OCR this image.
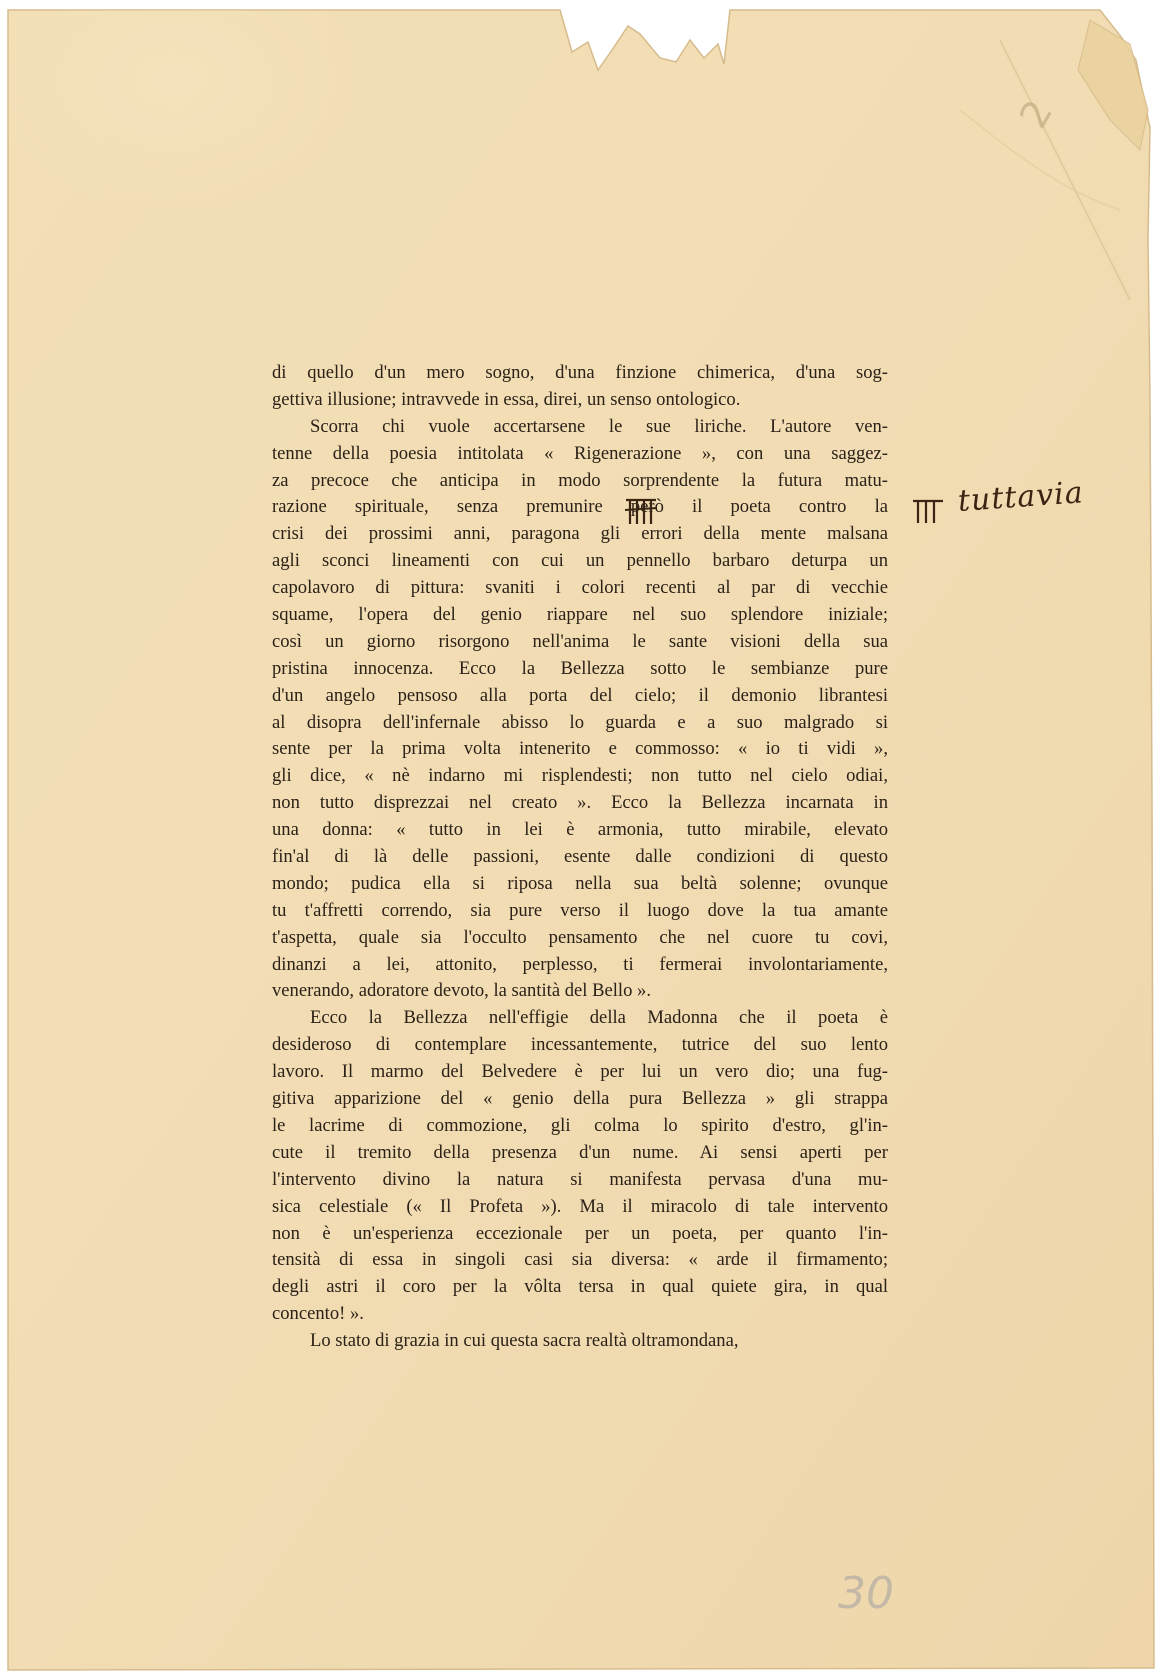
2
di quello d'un mero sogno, d'una finzione chimerica, d'una sog-
gettiva illusione; intravvede in essa, direi, un senso ontologico.
Scorra chi vuole accertarsene le sue liriche. L'autore ven-
tenne della poesia intitolata « Rigenerazione », con una saggez-
za precoce che anticipa in modo sorprendente la futura matu-
razione spirituale, senza premunire però il poeta contro la
crisi dei prossimi anni, paragona gli errori della mente malsana
agli sconci lineamenti con cui un pennello barbaro deturpa un
capolavoro di pittura: svaniti i colori recenti al par di vecchie
squame, l'opera del genio riappare nel suo splendore iniziale;
così un giorno risorgono nell'anima le sante visioni della sua
pristina innocenza. Ecco la Bellezza sotto le sembianze pure
d'un angelo pensoso alla porta del cielo; il demonio librantesi
al disopra dell'infernale abisso lo guarda e a suo malgrado si
sente per la prima volta intenerito e commosso: « io ti vidi »,
gli dice, « nè indarno mi risplendesti; non tutto nel cielo odiai,
non tutto disprezzai nel creato ». Ecco la Bellezza incarnata in
una donna: « tutto in lei è armonia, tutto mirabile, elevato
fin'al di là delle passioni, esente dalle condizioni di questo
mondo; pudica ella si riposa nella sua beltà solenne; ovunque
tu t'affretti correndo, sia pure verso il luogo dove la tua amante
t'aspetta, quale sia l'occulto pensamento che nel cuore tu covi,
dinanzi a lei, attonito, perplesso, ti fermerai involontariamente,
venerando, adoratore devoto, la santità del Bello ».
Ecco la Bellezza nell'effigie della Madonna che il poeta è
desideroso di contemplare incessantemente, tutrice del suo lento
lavoro. Il marmo del Belvedere è per lui un vero dio; una fug-
gitiva apparizione del « genio della pura Bellezza » gli strappa
le lacrime di commozione, gli colma lo spirito d'estro, gl'in-
cute il tremito della presenza d'un nume. Ai sensi aperti per
l'intervento divino la natura si manifesta pervasa d'una mu-
sica celestiale (« Il Profeta »). Ma il miracolo di tale intervento
non è un'esperienza eccezionale per un poeta, per quanto l'in-
tensità di essa in singoli casi sia diversa: « arde il firmamento;
degli astri il coro per la vôlta tersa in qual quiete gira, in qual
concento! ».
Lo stato di grazia in cui questa sacra realtà oltramondana,
tuttavia
30
